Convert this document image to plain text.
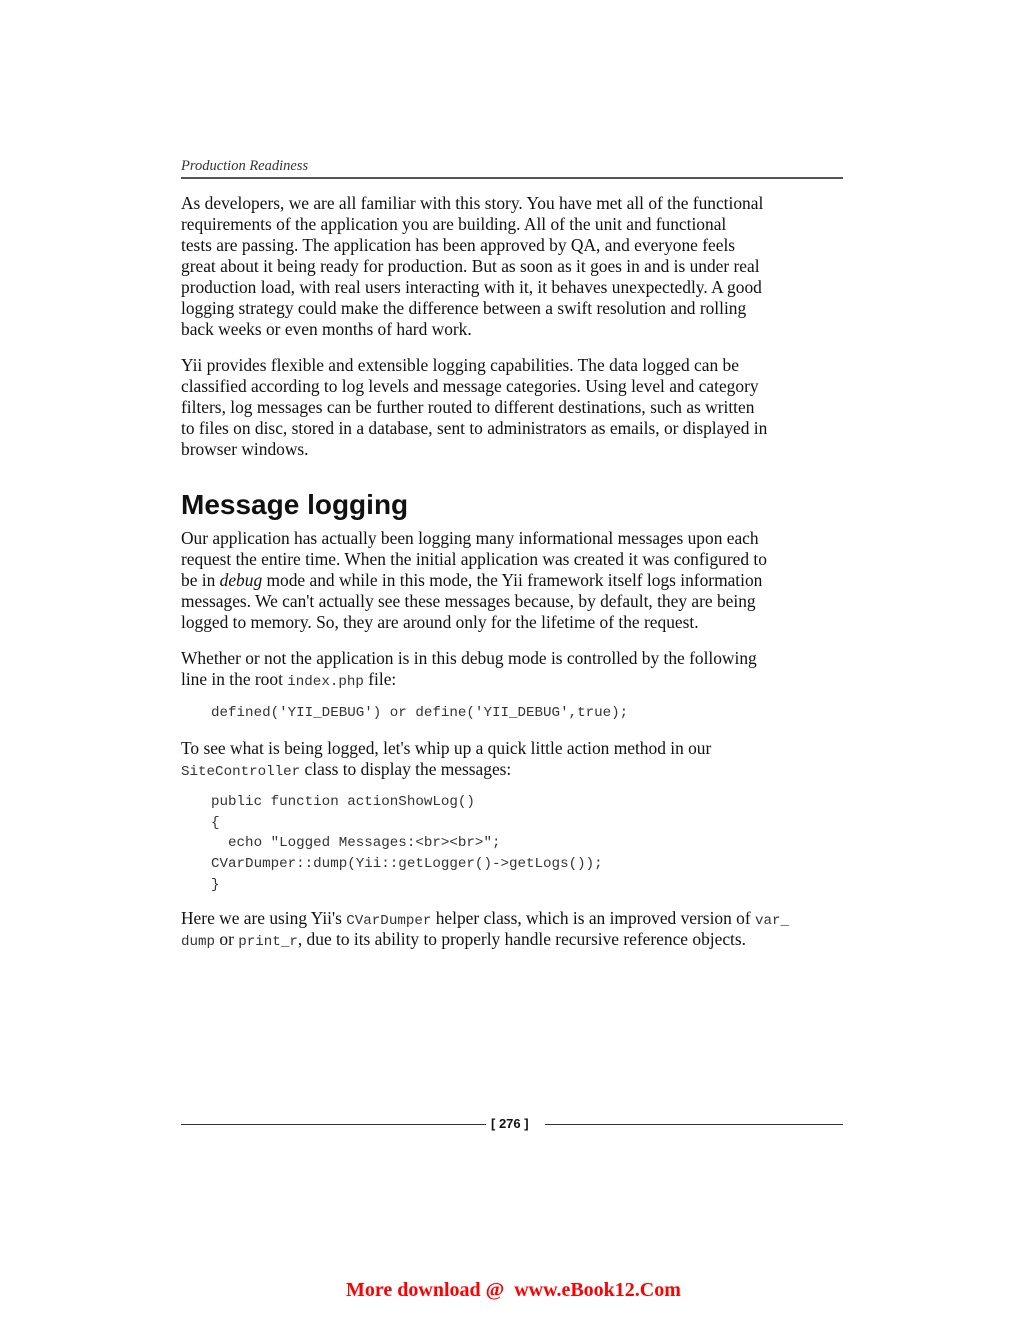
Production Readiness
As developers, we are all familiar with this story. You have met all of the functional
requirements of the application you are building. All of the unit and functional
tests are passing. The application has been approved by QA, and everyone feels
great about it being ready for production. But as soon as it goes in and is under real
production load, with real users interacting with it, it behaves unexpectedly. A good
logging strategy could make the difference between a swift resolution and rolling
back weeks or even months of hard work.
Yii provides flexible and extensible logging capabilities. The data logged can be
classified according to log levels and message categories. Using level and category
filters, log messages can be further routed to different destinations, such as written
to files on disc, stored in a database, sent to administrators as emails, or displayed in
browser windows.
Message logging
Our application has actually been logging many informational messages upon each
request the entire time. When the initial application was created it was configured to
be in debug mode and while in this mode, the Yii framework itself logs information
messages. We can't actually see these messages because, by default, they are being
logged to memory. So, they are around only for the lifetime of the request.
Whether or not the application is in this debug mode is controlled by the following
line in the root index.php file:
defined('YII_DEBUG') or define('YII_DEBUG',true);
To see what is being logged, let's whip up a quick little action method in our
SiteController class to display the messages:
public function actionShowLog()
{
echo "Logged Messages:<br><br>";
CVarDumper::dump(Yii::getLogger()->getLogs());
}
Here we are using Yii's CVarDumper helper class, which is an improved version of var_
dump or print_r, due to its ability to properly handle recursive reference objects.
[ 276 ]
More download @  www.eBook12.Com
